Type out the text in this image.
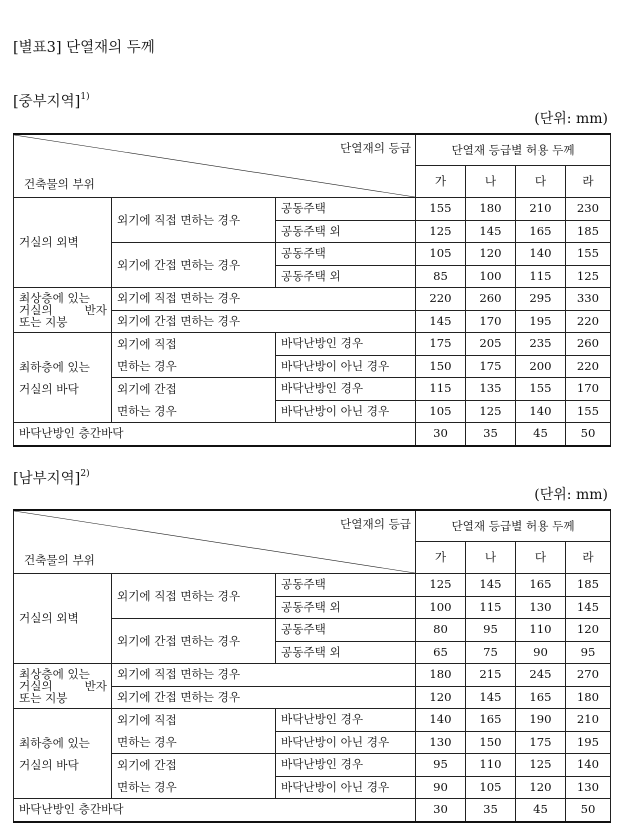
[별표3] 단열재의 두께
[중부지역]$^{1)}$
(단위: mm)
단열재의 등급
건축물의 부위			단열재 등급별 허용 두께			
			가	나	다	라
거실의 외벽	외기에 직접 면하는 경우	공동주택	155	180	210	230
		공동주택 외	125	145	165	185
	외기에 간접 면하는 경우	공동주택	105	120	140	155
		공동주택 외	85	100	115	125

최상층에 있는
거실의 반자
또는 지붕	외기에 직접 면하는 경우		220	260	295	330
	외기에 간접 면하는 경우		145	170	195	220

최하층에 있는
거실의 바닥	외기에 직접
면하는 경우	바닥난방인 경우	175	205	235	260
		바닥난방이 아닌 경우	150	175	200	220

	외기에 간접
면하는 경우	바닥난방인 경우	115	135	155	170
		바닥난방이 아닌 경우	105	125	140	155
바닥난방인 층간바닥			30	35	45	50
[남부지역]$^{2)}$
(단위: mm)
단열재의 등급
건축물의 부위			단열재 등급별 허용 두께			
			가	나	다	라
거실의 외벽	외기에 직접 면하는 경우	공동주택	125	145	165	185
		공동주택 외	100	115	130	145
	외기에 간접 면하는 경우	공동주택	80	95	110	120
		공동주택 외	65	75	90	95

최상층에 있는
거실의 반자
또는 지붕	외기에 직접 면하는 경우		180	215	245	270
	외기에 간접 면하는 경우		120	145	165	180

최하층에 있는
거실의 바닥	외기에 직접
면하는 경우	바닥난방인 경우	140	165	190	210
		바닥난방이 아닌 경우	130	150	175	195

	외기에 간접
면하는 경우	바닥난방인 경우	95	110	125	140
		바닥난방이 아닌 경우	90	105	120	130
바닥난방인 층간바닥			30	35	45	50
